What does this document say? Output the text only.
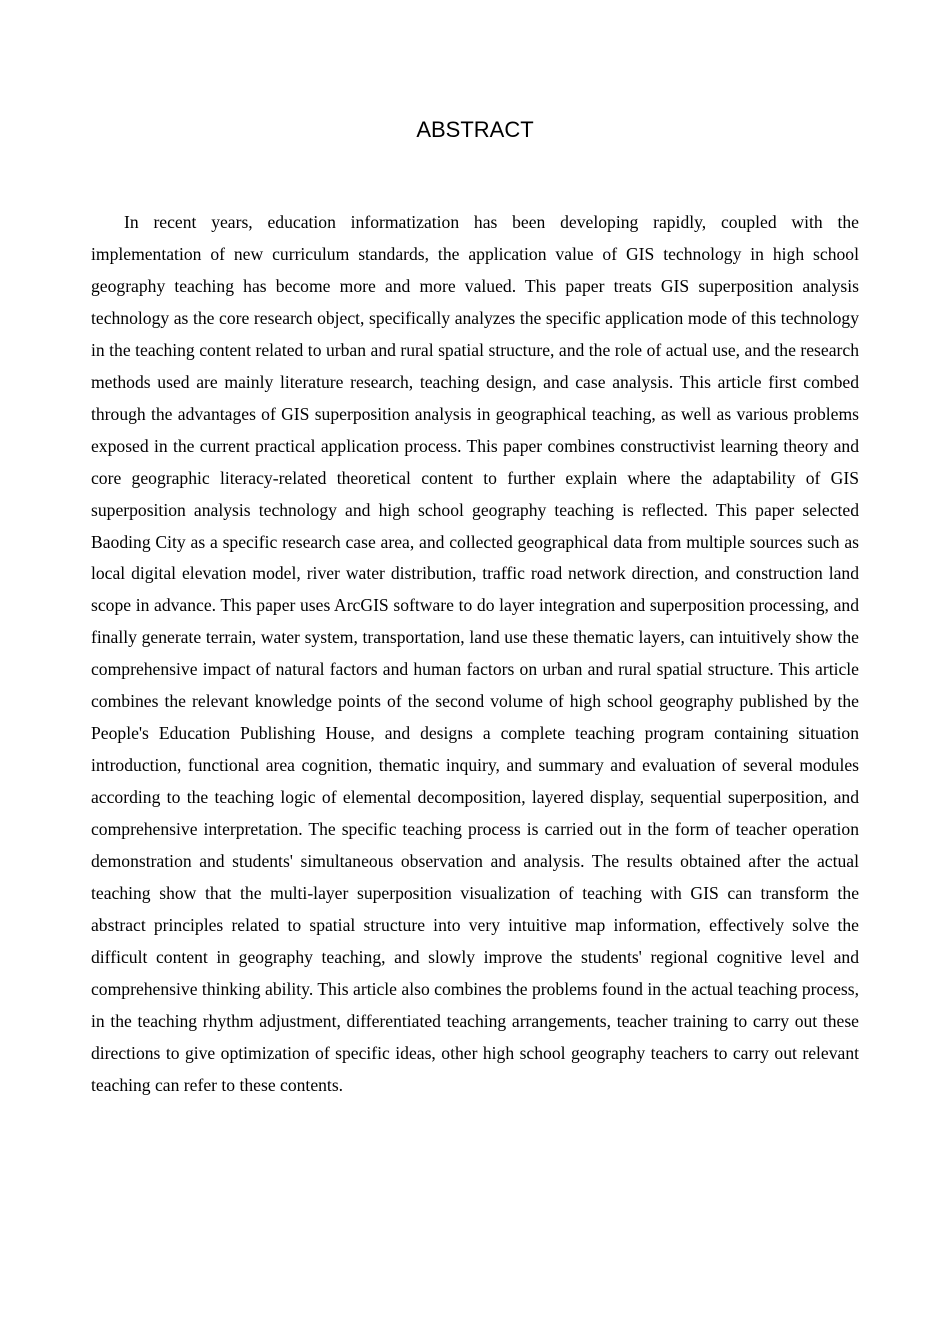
ABSTRACT

In recent years, education informatization has been developing rapidly, coupled with the implementation of new curriculum standards, the application value of GIS technology in high school geography teaching has become more and more valued. This paper treats GIS superposition analysis technology as the core research object, specifically analyzes the specific application mode of this technology in the teaching content related to urban and rural spatial structure, and the role of actual use, and the research methods used are mainly literature research, teaching design, and case analysis. This article first combed through the advantages of GIS superposition analysis in geographical teaching, as well as various problems exposed in the current practical application process. This paper combines constructivist learning theory and core geographic literacy-related theoretical content to further explain where the adaptability of GIS superposition analysis technology and high school geography teaching is reflected. This paper selected Baoding City as a specific research case area, and collected geographical data from multiple sources such as local digital elevation model, river water distribution, traffic road network direction, and construction land scope in advance. This paper uses ArcGIS software to do layer integration and superposition processing, and finally generate terrain, water system, transportation, land use these thematic layers, can intuitively show the comprehensive impact of natural factors and human factors on urban and rural spatial structure. This article combines the relevant knowledge points of the second volume of high school geography published by the People's Education Publishing House, and designs a complete teaching program containing situation introduction, functional area cognition, thematic inquiry, and summary and evaluation of several modules according to the teaching logic of elemental decomposition, layered display, sequential superposition, and comprehensive interpretation. The specific teaching process is carried out in the form of teacher operation demonstration and students' simultaneous observation and analysis. The results obtained after the actual teaching show that the multi-layer superposition visualization of teaching with GIS can transform the abstract principles related to spatial structure into very intuitive map information, effectively solve the difficult content in geography teaching, and slowly improve the students' regional cognitive level and comprehensive thinking ability. This article also combines the problems found in the actual teaching process, in the teaching rhythm adjustment, differentiated teaching arrangements, teacher training to carry out these directions to give optimization of specific ideas, other high school geography teachers to carry out relevant teaching can refer to these contents.
